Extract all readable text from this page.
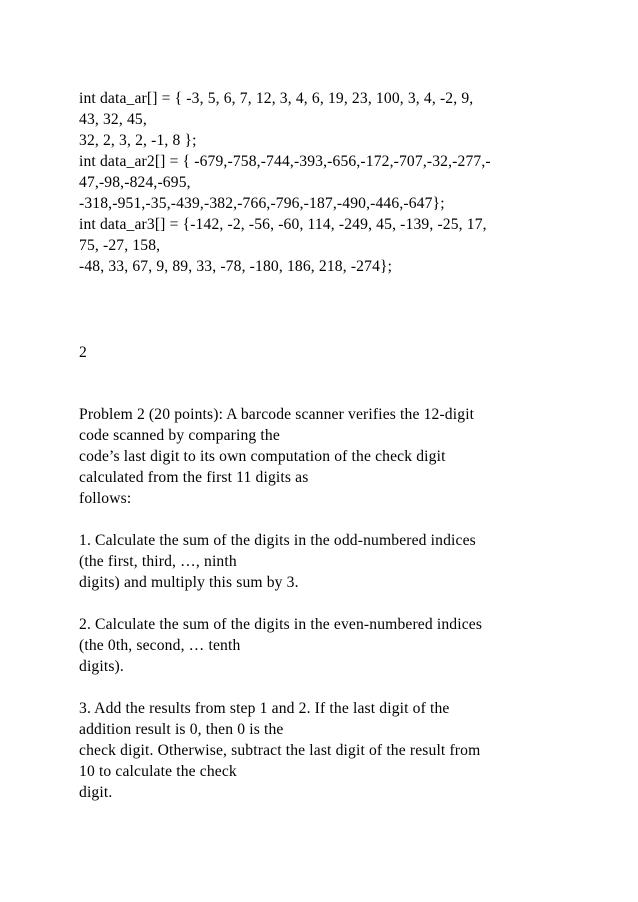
int data_ar[] = { -3, 5, 6, 7, 12, 3, 4, 6, 19, 23, 100, 3, 4, -2, 9,
43, 32, 45,
32, 2, 3, 2, -1, 8 };
int data_ar2[] = { -679,-758,-744,-393,-656,-172,-707,-32,-277,-
47,-98,-824,-695,
-318,-951,-35,-439,-382,-766,-796,-187,-490,-446,-647};
int data_ar3[] = {-142, -2, -56, -60, 114, -249, 45, -139, -25, 17,
75, -27, 158,
-48, 33, 67, 9, 89, 33, -78, -180, 186, 218, -274};
2
Problem 2 (20 points): A barcode scanner verifies the 12-digit
code scanned by comparing the
code’s last digit to its own computation of the check digit
calculated from the first 11 digits as
follows:
1. Calculate the sum of the digits in the odd-numbered indices
(the first, third, …, ninth
digits) and multiply this sum by 3.
2. Calculate the sum of the digits in the even-numbered indices
(the 0th, second, … tenth
digits).
3. Add the results from step 1 and 2. If the last digit of the
addition result is 0, then 0 is the
check digit. Otherwise, subtract the last digit of the result from
10 to calculate the check
digit.
